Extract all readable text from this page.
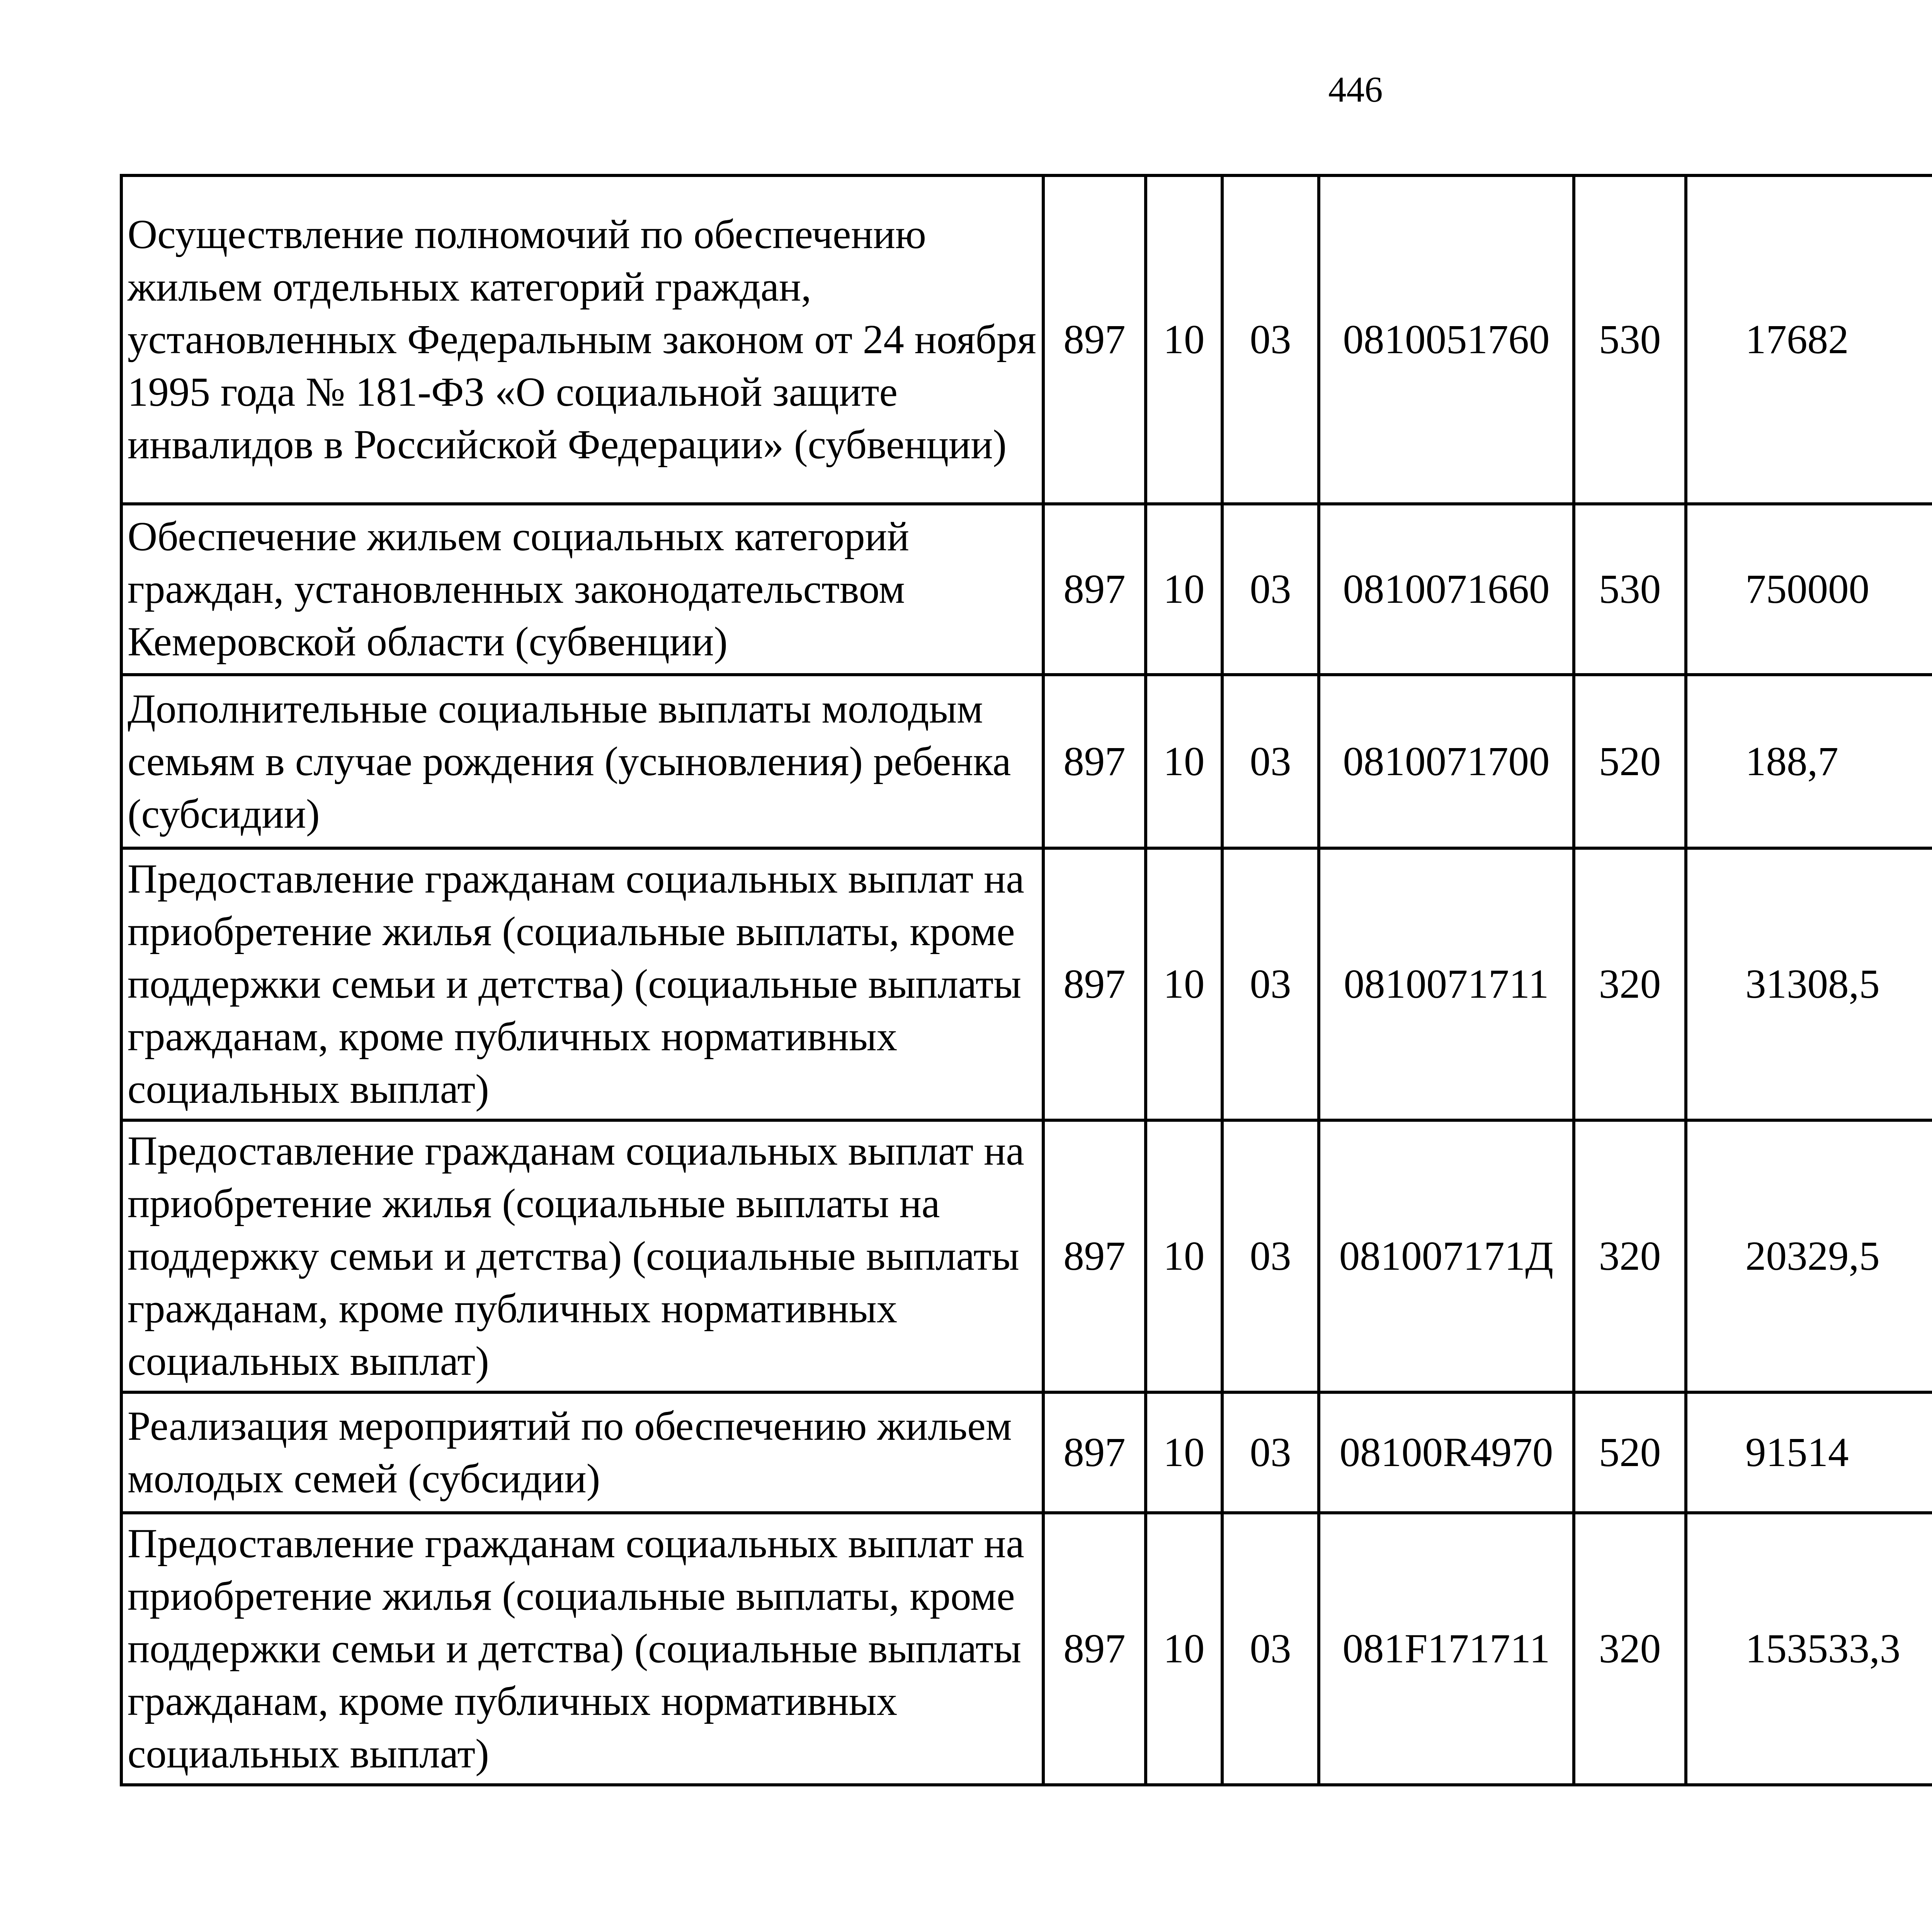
446
Осуществление полномочий по обеспечению жильем отдельных категорий граждан, установленных Федеральным законом от 24 ноября 1995 года № 181-ФЗ «О социальной защите инвалидов в Российской Федерации» (субвенции)	897	10	03	0810051760	530	17682		
Обеспечение жильем социальных категорий граждан, установленных законодательством Кемеровской области (субвенции)	897	10	03	0810071660	530	750000		
Дополнительные социальные выплаты молодым семьям в случае рождения (усыновления) ребенка (субсидии)	897	10	03	0810071700	520	188,7		
Предоставление гражданам социальных выплат на приобретение жилья (социальные выплаты, кроме поддержки семьи и детства) (социальные выплаты гражданам, кроме публичных нормативных социальных выплат)	897	10	03	0810071711	320	31308,5		
Предоставление гражданам социальных выплат на приобретение жилья (социальные выплаты на поддержку семьи и детства) (социальные выплаты гражданам, кроме публичных нормативных социальных выплат)	897	10	03	081007171Д	320	20329,5		
Реализация мероприятий по обеспечению жильем молодых семей (субсидии)	897	10	03	08100R4970	520	91514		
Предоставление гражданам социальных выплат на приобретение жилья (социальные выплаты, кроме поддержки семьи и детства) (социальные выплаты гражданам, кроме публичных нормативных социальных выплат)	897	10	03	081F171711	320	153533,3		
